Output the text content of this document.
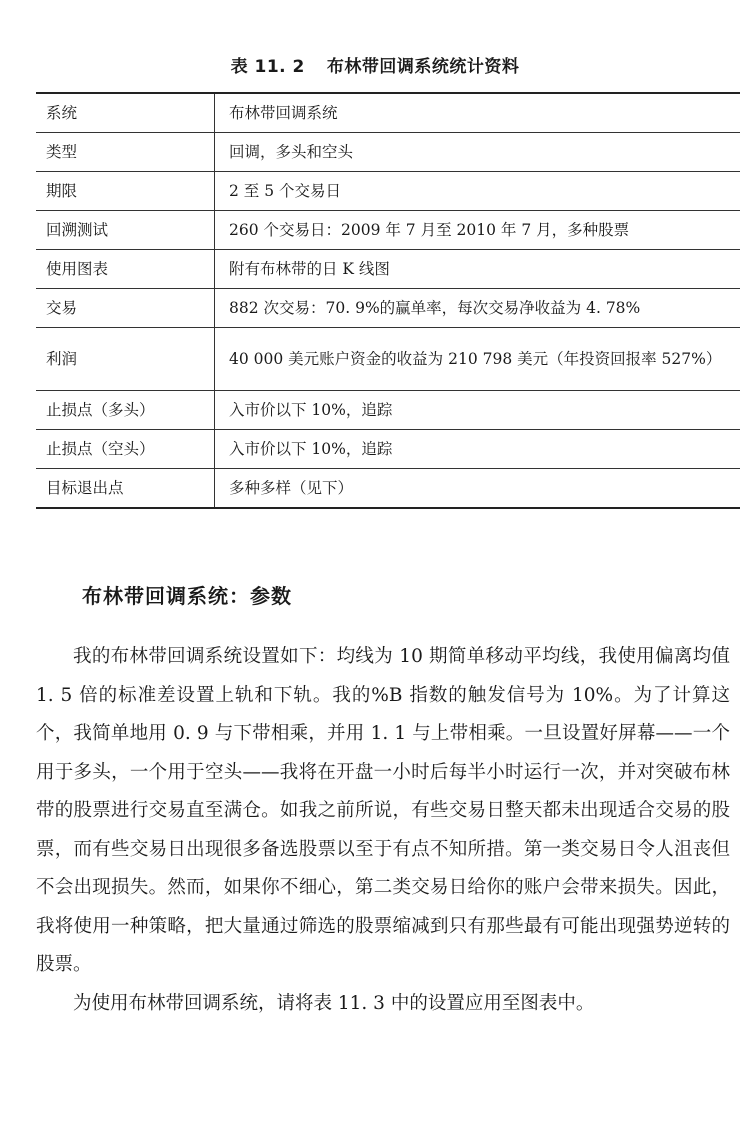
表 11. 2 布林带回调系统统计资料
系统	布林带回调系统
类型	回调，多头和空头
期限	2 至 5 个交易日
回溯测试	260 个交易日：2009 年 7 月至 2010 年 7 月，多种股票
使用图表	附有布林带的日 K 线图
交易	882 次交易：70. 9%的赢单率，每次交易净收益为 4. 78%
利润	40 000 美元账户资金的收益为 210 798 美元（年投资回报率 527%）
止损点（多头）	入市价以下 10%，追踪
止损点（空头）	入市价以下 10%，追踪
目标退出点	多种多样（见下）
布林带回调系统：参数

我的布林带回调系统设置如下：均线为 10 期简单移动平均线，我使用偏离均值 1. 5 倍的标准差设置上轨和下轨。我的%B 指数的触发信号为 10%。为了计算这个，我简单地用 0. 9 与下带相乘，并用 1. 1 与上带相乘。一旦设置好屏幕——一个用于多头，一个用于空头——我将在开盘一小时后每半小时运行一次，并对突破布林带的股票进行交易直至满仓。如我之前所说，有些交易日整天都未出现适合交易的股票，而有些交易日出现很多备选股票以至于有点不知所措。第一类交易日令人沮丧但不会出现损失。然而，如果你不细心，第二类交易日给你的账户会带来损失。因此，我将使用一种策略，把大量通过筛选的股票缩减到只有那些最有可能出现强势逆转的股票。

为使用布林带回调系统，请将表 11. 3 中的设置应用至图表中。
